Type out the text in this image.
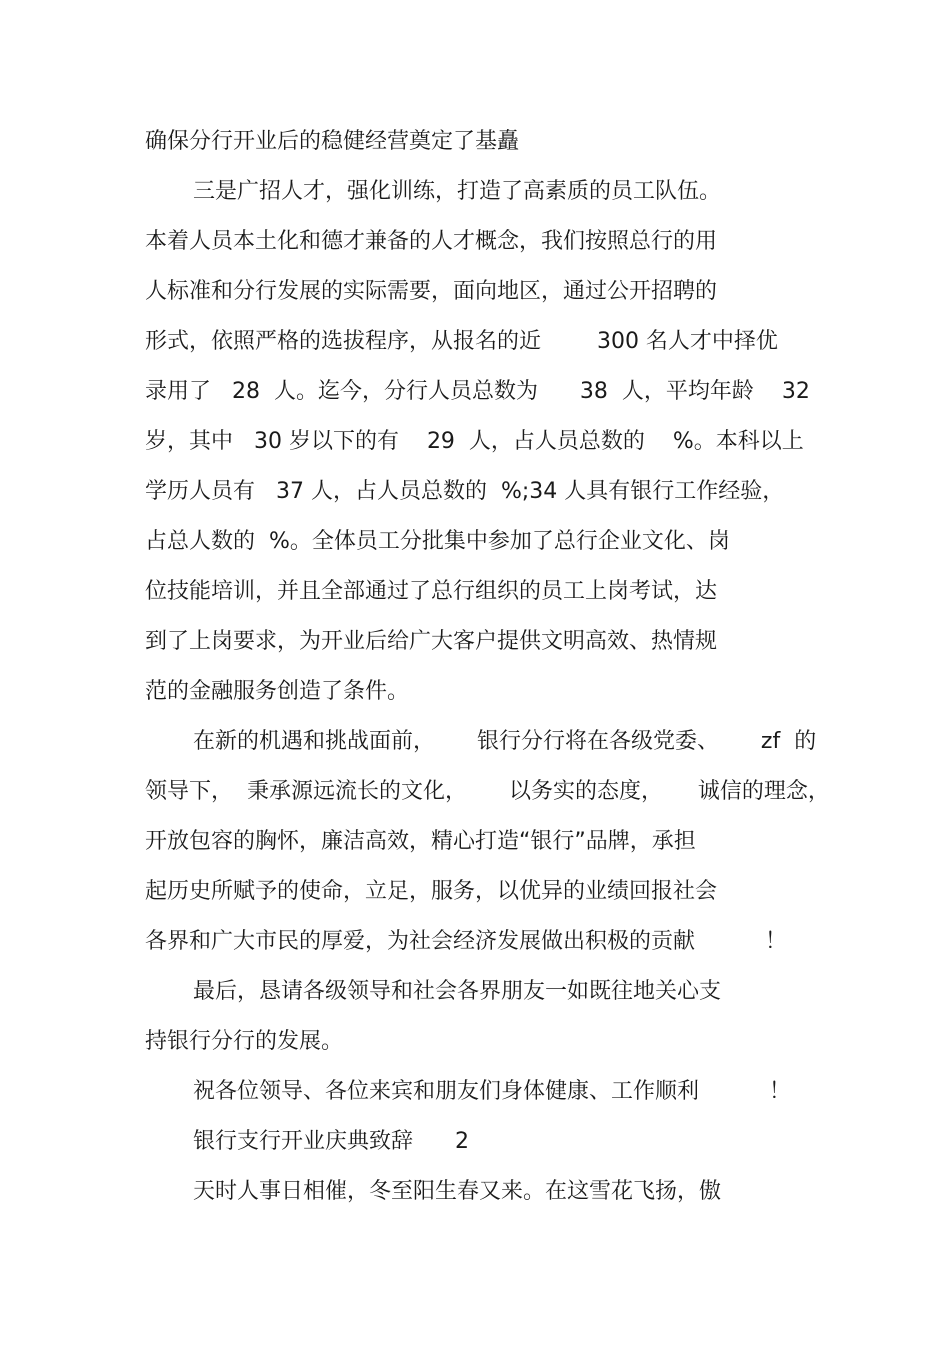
确保分行开业后的稳健经营奠定了基矗

三是广招人才，强化训练，打造了高素质的员工队伍。

本着人员本土化和德才兼备的人才概念，我们按照总行的用

人标准和分行发展的实际需要，面向地区，通过公开招聘的

形式，依照严格的选拔程序，从报名的近        300 名人才中择优

录用了   28  人。迄今，分行人员总数为      38  人，平均年龄    32

岁，其中   30 岁以下的有    29  人，占人员总数的    %。本科以上

学历人员有   37 人，占人员总数的  %;34 人具有银行工作经验，

占总人数的  %。全体员工分批集中参加了总行企业文化、岗

位技能培训，并且全部通过了总行组织的员工上岗考试，达

到了上岗要求，为开业后给广大客户提供文明高效、热情规

范的金融服务创造了条件。

在新的机遇和挑战面前，      银行分行将在各级党委、      zf  的

领导下，  秉承源远流长的文化，      以务实的态度，     诚信的理念，

开放包容的胸怀，廉洁高效，精心打造“银行”品牌，承担

起历史所赋予的使命，立足，服务，以优异的业绩回报社会

各界和广大市民的厚爱，为社会经济发展做出积极的贡献          ！

最后，恳请各级领导和社会各界朋友一如既往地关心支

持银行分行的发展。

祝各位领导、各位来宾和朋友们身体健康、工作顺利          ！

银行支行开业庆典致辞      2

天时人事日相催，冬至阳生春又来。在这雪花飞扬，傲
